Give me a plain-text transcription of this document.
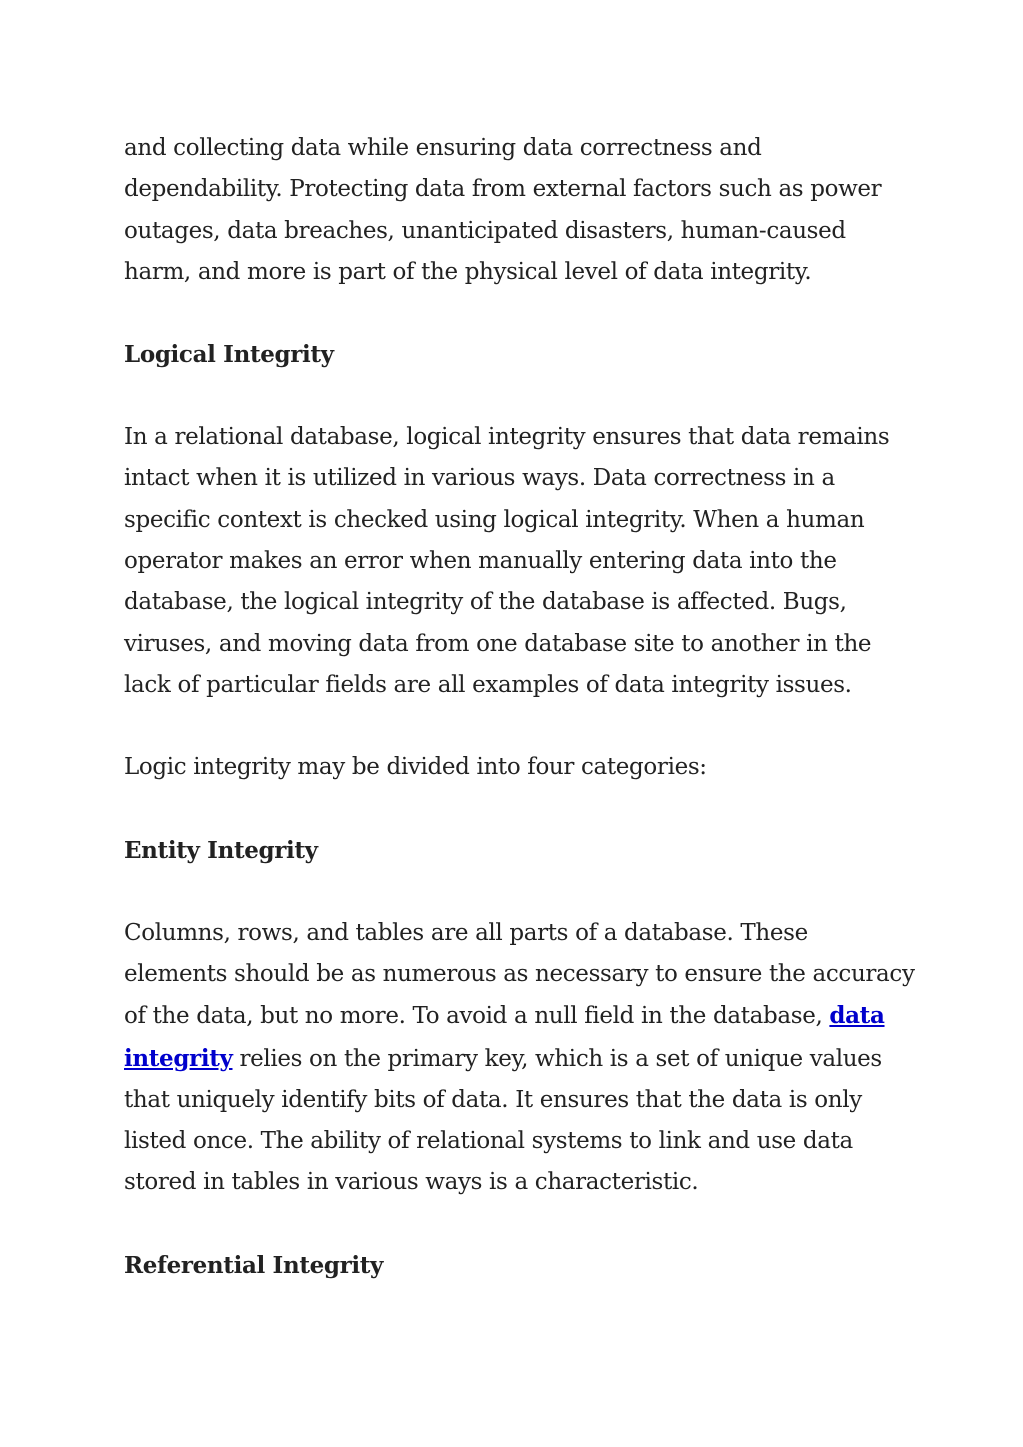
and collecting data while ensuring data correctness and
dependability. Protecting data from external factors such as power
outages, data breaches, unanticipated disasters, human-caused
harm, and more is part of the physical level of data integrity.
Logical Integrity
In a relational database, logical integrity ensures that data remains
intact when it is utilized in various ways. Data correctness in a
specific context is checked using logical integrity. When a human
operator makes an error when manually entering data into the
database, the logical integrity of the database is affected. Bugs,
viruses, and moving data from one database site to another in the
lack of particular fields are all examples of data integrity issues.
Logic integrity may be divided into four categories:
Entity Integrity
Columns, rows, and tables are all parts of a database. These
elements should be as numerous as necessary to ensure the accuracy
of the data, but no more. To avoid a null field in the database, data
integrity relies on the primary key, which is a set of unique values
that uniquely identify bits of data. It ensures that the data is only
listed once. The ability of relational systems to link and use data
stored in tables in various ways is a characteristic.
Referential Integrity
